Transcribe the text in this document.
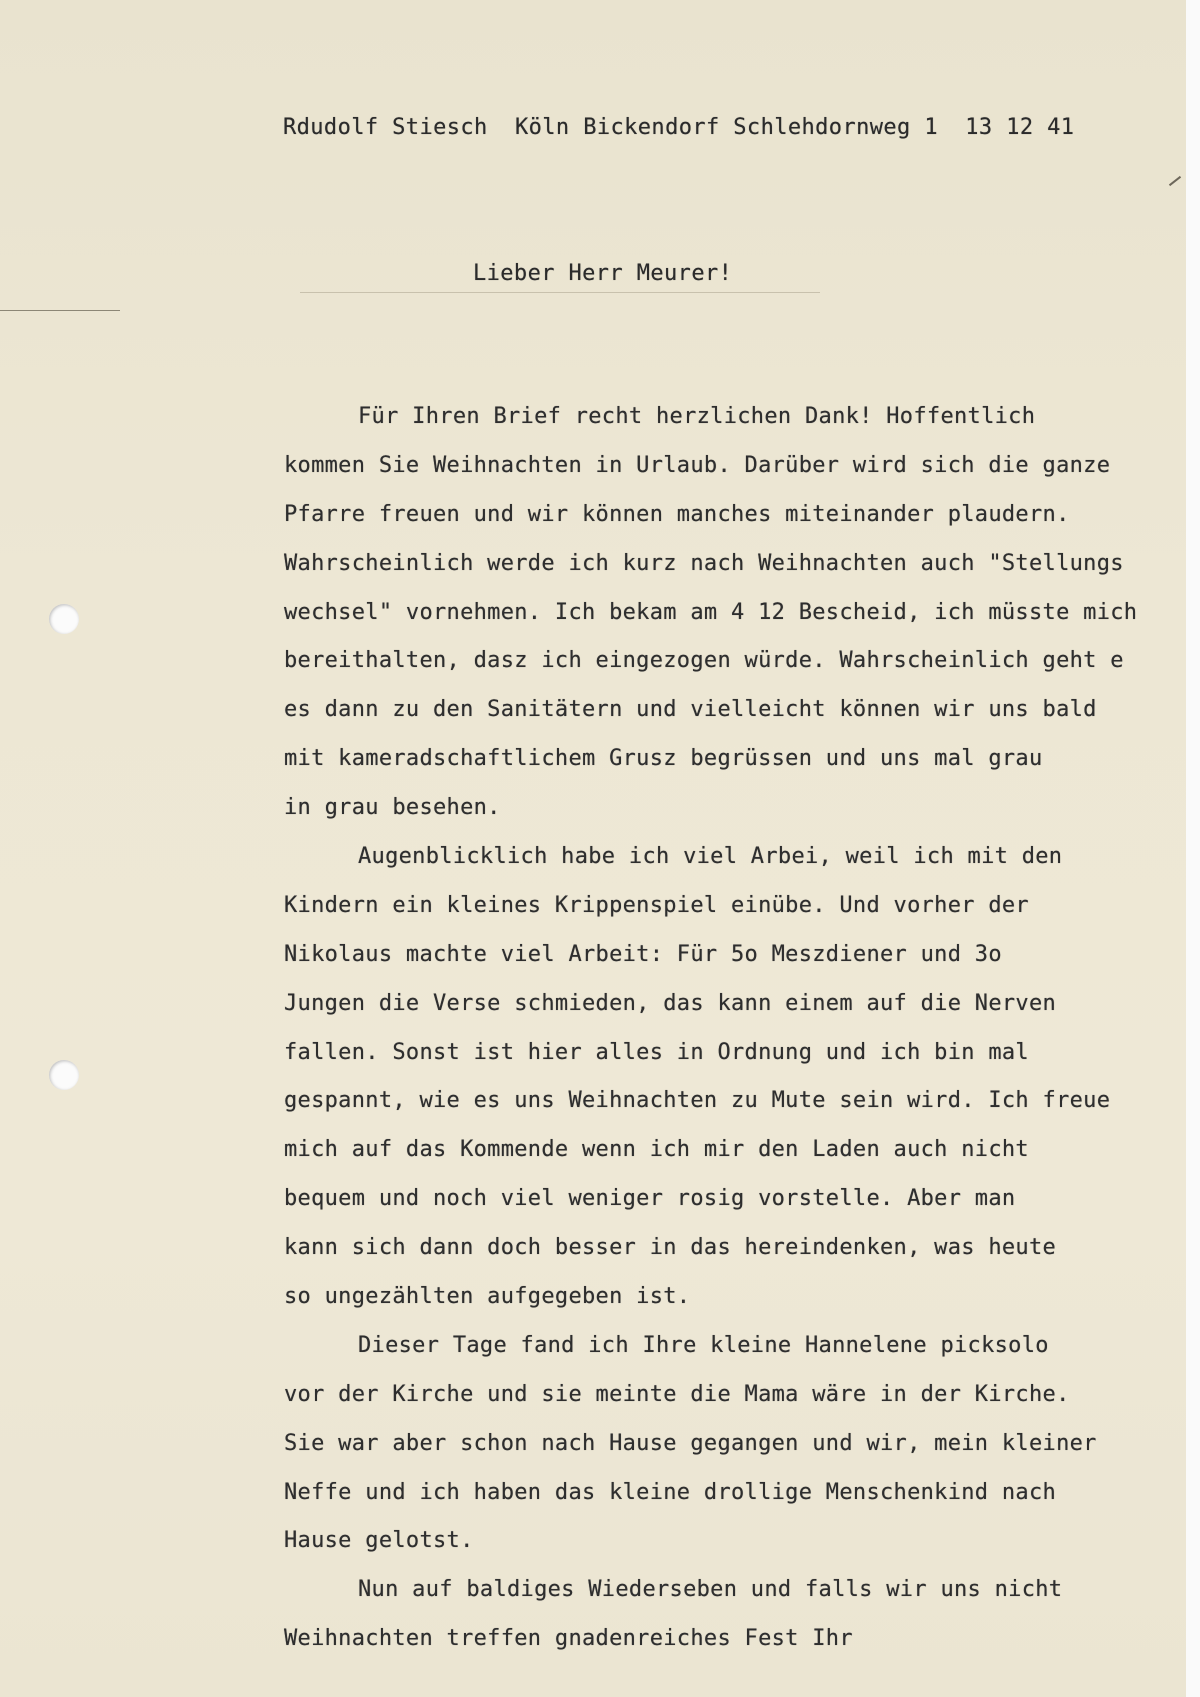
Rdudolf Stiesch  Köln Bickendorf Schlehdornweg 1  13 12 41
Lieber Herr Meurer!
Für Ihren Brief recht herzlichen Dank! Hoffentlich
kommen Sie Weihnachten in Urlaub. Darüber wird sich die ganze
Pfarre freuen und wir können manches miteinander plaudern.
Wahrscheinlich werde ich kurz nach Weihnachten auch "Stellungs
wechsel" vornehmen. Ich bekam am 4 12 Bescheid, ich müsste mich
bereithalten, dasz ich eingezogen würde. Wahrscheinlich geht e
es dann zu den Sanitätern und vielleicht können wir uns bald
mit kameradschaftlichem Grusz begrüssen und uns mal grau
in grau besehen.
Augenblicklich habe ich viel Arbei, weil ich mit den
Kindern ein kleines Krippenspiel einübe. Und vorher der
Nikolaus machte viel Arbeit: Für 5o Meszdiener und 3o
Jungen die Verse schmieden, das kann einem auf die Nerven
fallen. Sonst ist hier alles in Ordnung und ich bin mal
gespannt, wie es uns Weihnachten zu Mute sein wird. Ich freue
mich auf das Kommende wenn ich mir den Laden auch nicht
bequem und noch viel weniger rosig vorstelle. Aber man
kann sich dann doch besser in das hereindenken, was heute
so ungezählten aufgegeben ist.
Dieser Tage fand ich Ihre kleine Hannelene picksolo
vor der Kirche und sie meinte die Mama wäre in der Kirche.
Sie war aber schon nach Hause gegangen und wir, mein kleiner
Neffe und ich haben das kleine drollige Menschenkind nach
Hause gelotst.
Nun auf baldiges Wiederseben und falls wir uns nicht
Weihnachten treffen gnadenreiches Fest Ihr
